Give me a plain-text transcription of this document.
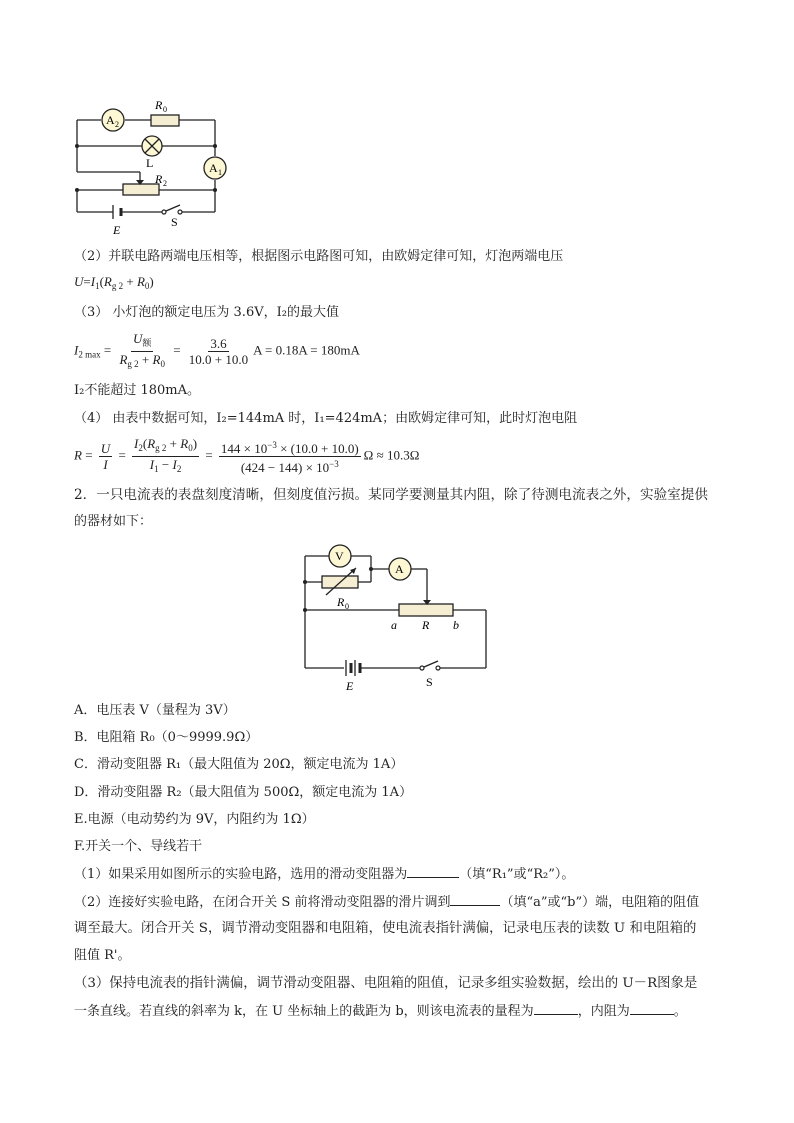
A 2
R 0
L	A 1
R 2
E
S
（2）并联电路两端电压相等，根据图示电路图可知，由欧姆定律可知，灯泡两端电压
$U=I_1(R_{g 2} + R_0)$
（3） 小灯泡的额定电压为 3.6V，I₂的最大值
$I_{2 max} = \frac{U_额}{R_{g 2} + R_0} = \frac{3.6}{10.0 + 10.0}$ A = 0.18A = 180mA
I₂不能超过 180mA。
（4） 由表中数据可知，I₂=144mA 时，I₁=424mA；由欧姆定律可知，此时灯泡电阻
$R = \frac{U}{I} = \frac{I_2(R_{g 2} + R_0)}{I_1 - I_2} = \frac{144 \times 10^{-3} \times (10.0 + 10.0)}{(424 - 144) \times 10^{-3}}$ Ω ≈ 10.3Ω
2．一只电流表的表盘刻度清晰，但刻度值污损。某同学要测量其内阻，除了待测电流表之外，实验室提供
的器材如下：
V
A
R 0
a R b
E	S
A．电压表 V（量程为 3V）
B．电阻箱 R₀（0～9999.9Ω）
C．滑动变阻器 R₁（最大阻值为 20Ω，额定电流为 1A）
D．滑动变阻器 R₂（最大阻值为 500Ω，额定电流为 1A）
E.电源（电动势约为 9V，内阻约为 1Ω）
F.开关一个、导线若干
（1）如果采用如图所示的实验电路，选用的滑动变阻器为	（填“R₁”或“R₂”）。
（2）连接好实验电路，在闭合开关 S 前将滑动变阻器的滑片调到	（填“a”或“b”）端，电阻箱的阻值
调至最大。闭合开关 S，调节滑动变阻器和电阻箱，使电流表指针满偏，记录电压表的读数 U 和电阻箱的
阻值 R'。
（3）保持电流表的指针满偏，调节滑动变阻器、电阻箱的阻值，记录多组实验数据，绘出的 U－R图象是
一条直线。若直线的斜率为 k，在 U 坐标轴上的截距为 b，则该电流表的量程为	，内阻为	。
